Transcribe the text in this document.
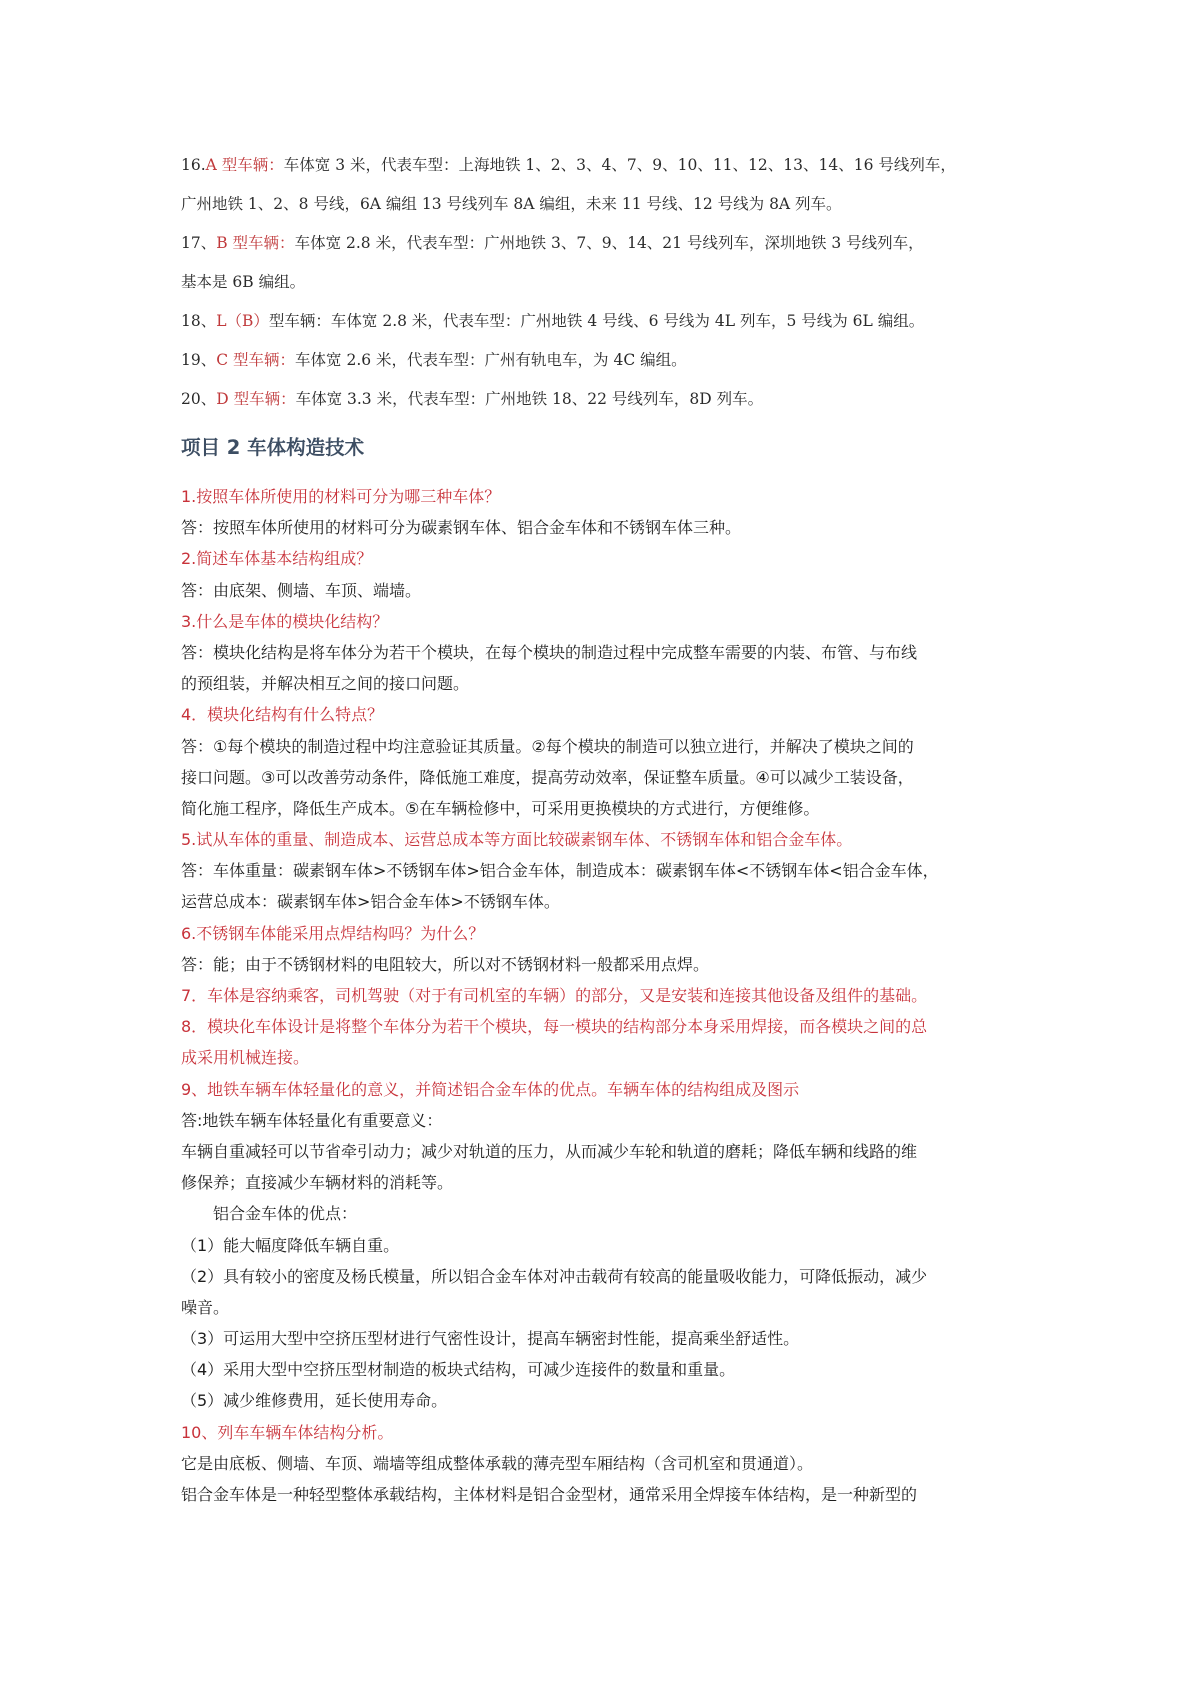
16.A 型车辆：车体宽 3 米，代表车型：上海地铁 1、2、3、4、7、9、10、11、12、13、14、16 号线列车，
广州地铁 1、2、8 号线，6A 编组 13 号线列车 8A 编组，未来 11 号线、12 号线为 8A 列车。
17、B 型车辆：车体宽 2.8 米，代表车型：广州地铁 3、7、9、14、21 号线列车，深圳地铁 3 号线列车，
基本是 6B 编组。
18、L（B）型车辆：车体宽 2.8 米，代表车型：广州地铁 4 号线、6 号线为 4L 列车，5 号线为 6L 编组。
19、C 型车辆：车体宽 2.6 米，代表车型：广州有轨电车，为 4C 编组。
20、D 型车辆：车体宽 3.3 米，代表车型：广州地铁 18、22 号线列车，8D 列车。
项目 2 车体构造技术
1.按照车体所使用的材料可分为哪三种车体？
答：按照车体所使用的材料可分为碳素钢车体、铝合金车体和不锈钢车体三种。
2.简述车体基本结构组成？
答：由底架、侧墙、车顶、端墙。
3.什么是车体的模块化结构？
答：模块化结构是将车体分为若干个模块，在每个模块的制造过程中完成整车需要的内装、布管、与布线
的预组装，并解决相互之间的接口问题。
4．模块化结构有什么特点？
答：①每个模块的制造过程中均注意验证其质量。②每个模块的制造可以独立进行，并解决了模块之间的
接口问题。③可以改善劳动条件，降低施工难度，提高劳动效率，保证整车质量。④可以减少工装设备，
简化施工程序，降低生产成本。⑤在车辆检修中，可采用更换模块的方式进行，方便维修。
5.试从车体的重量、制造成本、运营总成本等方面比较碳素钢车体、不锈钢车体和铝合金车体。
答：车体重量：碳素钢车体>不锈钢车体>铝合金车体，制造成本：碳素钢车体<不锈钢车体<铝合金车体，
运营总成本：碳素钢车体>铝合金车体>不锈钢车体。
6.不锈钢车体能采用点焊结构吗？为什么？
答：能；由于不锈钢材料的电阻较大，所以对不锈钢材料一般都采用点焊。
7．车体是容纳乘客，司机驾驶（对于有司机室的车辆）的部分，又是安装和连接其他设备及组件的基础。
8．模块化车体设计是将整个车体分为若干个模块，每一模块的结构部分本身采用焊接，而各模块之间的总
成采用机械连接。
9、地铁车辆车体轻量化的意义，并简述铝合金车体的优点。车辆车体的结构组成及图示
答:地铁车辆车体轻量化有重要意义：
车辆自重减轻可以节省牵引动力；减少对轨道的压力，从而减少车轮和轨道的磨耗；降低车辆和线路的维
修保养；直接减少车辆材料的消耗等。
铝合金车体的优点：
（1）能大幅度降低车辆自重。
（2）具有较小的密度及杨氏模量，所以铝合金车体对冲击载荷有较高的能量吸收能力，可降低振动，减少
噪音。
（3）可运用大型中空挤压型材进行气密性设计，提高车辆密封性能，提高乘坐舒适性。
（4）采用大型中空挤压型材制造的板块式结构，可减少连接件的数量和重量。
（5）减少维修费用，延长使用寿命。
10、列车车辆车体结构分析。
它是由底板、侧墙、车顶、端墙等组成整体承载的薄壳型车厢结构（含司机室和贯通道）。
铝合金车体是一种轻型整体承载结构，主体材料是铝合金型材，通常采用全焊接车体结构，是一种新型的
